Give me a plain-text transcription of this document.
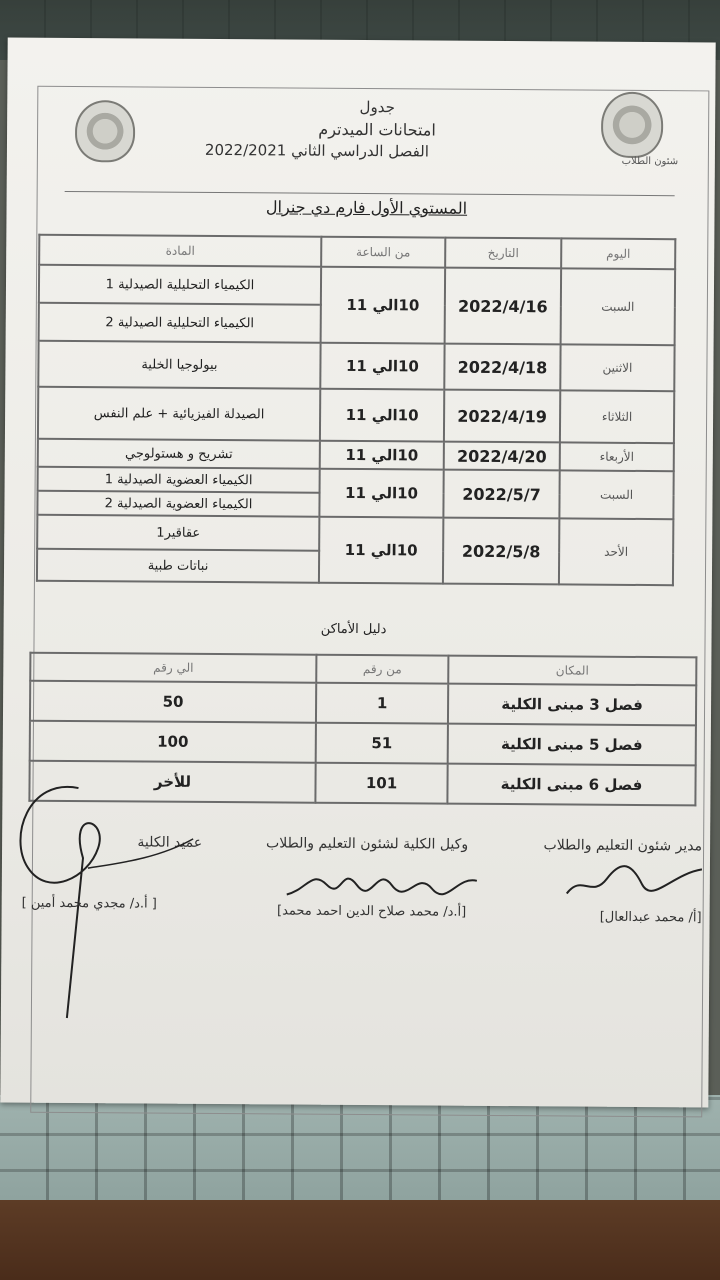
شئون الطلاب
جدول
امتحانات الميدترم
الفصل الدراسي الثاني 2022/2021
المستوي الأول فارم دي جنرال
اليوم	التاريخ	من الساعة	المادة
السبت	2022/4/16	10الي 11	الكيمياء التحليلية الصيدلية 1
			الكيمياء التحليلية الصيدلية 2
الاثنين	2022/4/18	10الي 11	بيولوجيا الخلية
الثلاثاء	2022/4/19	10الي 11	الصيدلة الفيزيائية + علم النفس
الأربعاء	2022/4/20	10الي 11	تشريح و هستولوجي
السبت	2022/5/7	10الي 11	الكيمياء العضوية الصيدلية 1
			الكيمياء العضوية الصيدلية 2
الأحد	2022/5/8	10الي 11	عقاقير1
			نباتات طبية
دليل الأماكن
المكان	من رقم	الي رقم
فصل 3 مبنى الكلية	1	50
فصل 5 مبنى الكلية	51	100
فصل 6 مبنى الكلية	101	للأخر
مدير شئون التعليم والطلاب
وكيل الكلية لشئون التعليم والطلاب
عميد الكلية
[أ/ محمد عبدالعال]
[أ.د/ محمد صلاح الدين احمد محمد]
[ أ.د/ مجدي محمد أمين ]
